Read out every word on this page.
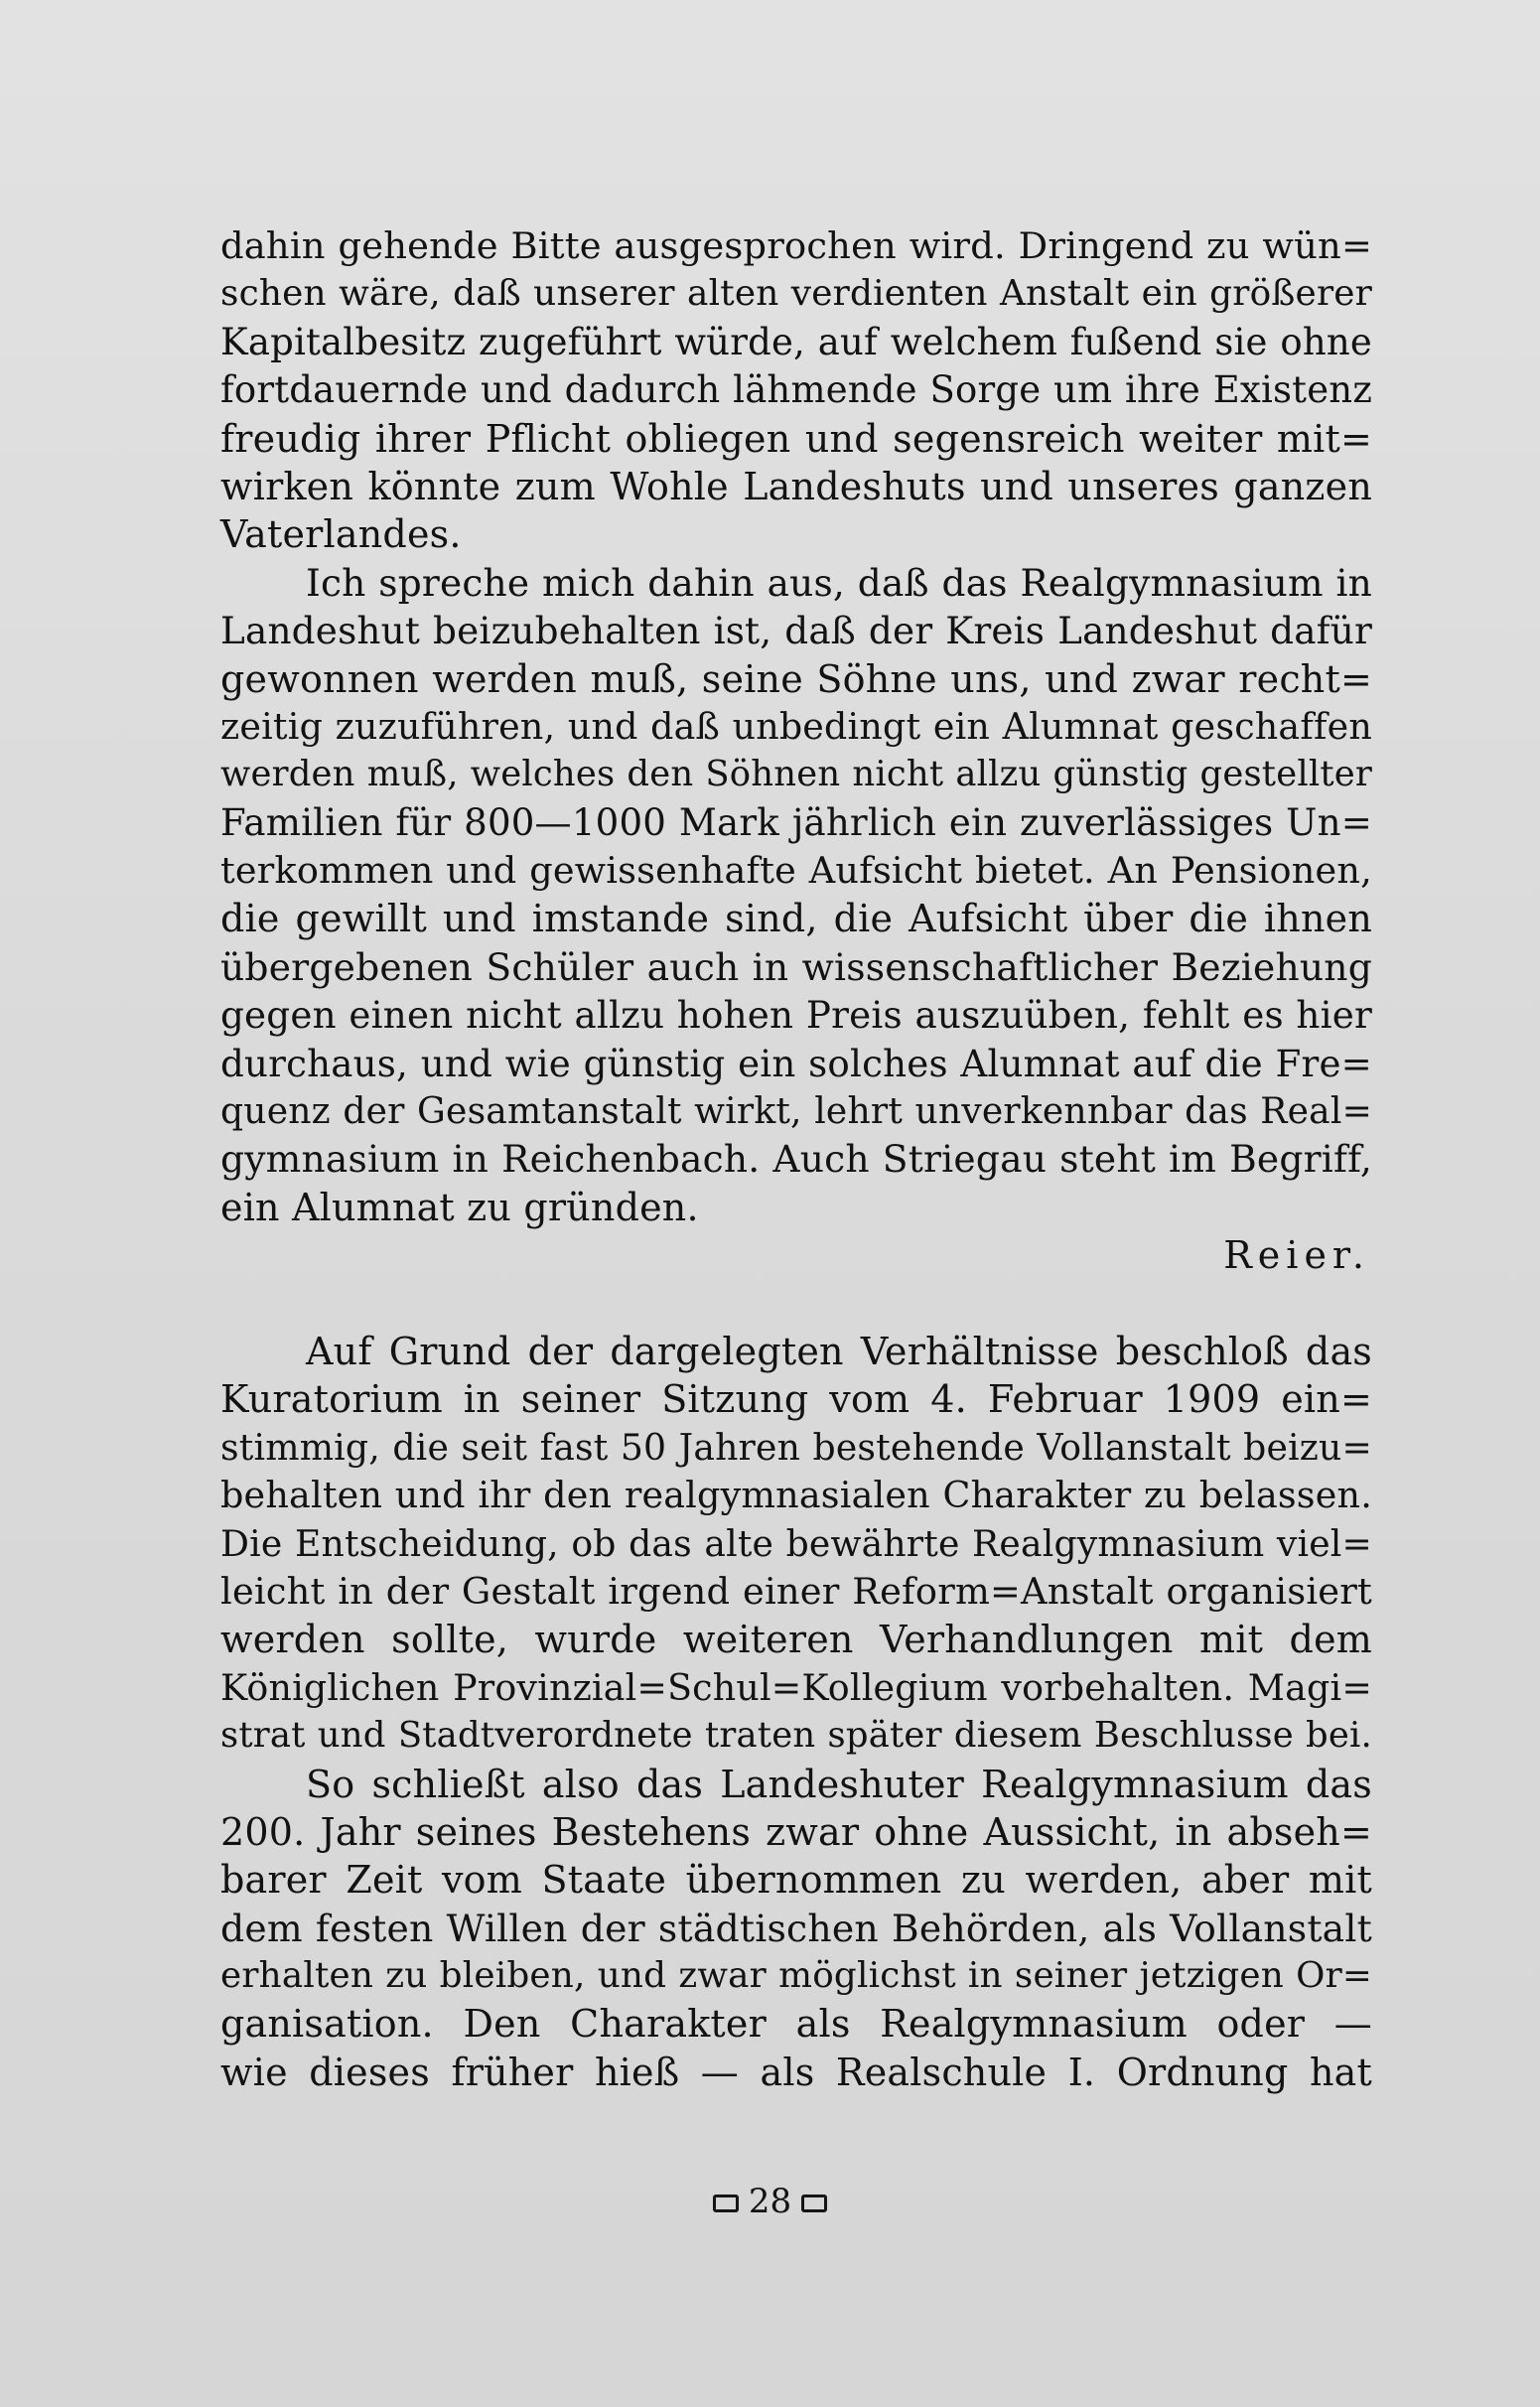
dahin gehende Bitte ausgesprochen wird. Dringend zu wün=
schen wäre, daß unserer alten verdienten Anstalt ein größerer
Kapitalbesitz zugeführt würde, auf welchem fußend sie ohne
fortdauernde und dadurch lähmende Sorge um ihre Existenz
freudig ihrer Pflicht obliegen und segensreich weiter mit=
wirken könnte zum Wohle Landeshuts und unseres ganzen
Vaterlandes.
Ich spreche mich dahin aus, daß das Realgymnasium in
Landeshut beizubehalten ist, daß der Kreis Landeshut dafür
gewonnen werden muß, seine Söhne uns, und zwar recht=
zeitig zuzuführen, und daß unbedingt ein Alumnat geschaffen
werden muß, welches den Söhnen nicht allzu günstig gestellter
Familien für 800—1000 Mark jährlich ein zuverlässiges Un=
terkommen und gewissenhafte Aufsicht bietet. An Pensionen,
die gewillt und imstande sind, die Aufsicht über die ihnen
übergebenen Schüler auch in wissenschaftlicher Beziehung
gegen einen nicht allzu hohen Preis auszuüben, fehlt es hier
durchaus, und wie günstig ein solches Alumnat auf die Fre=
quenz der Gesamtanstalt wirkt, lehrt unverkennbar das Real=
gymnasium in Reichenbach. Auch Striegau steht im Begriff,
ein Alumnat zu gründen.
Reier.
Auf Grund der dargelegten Verhältnisse beschloß das
Kuratorium in seiner Sitzung vom 4. Februar 1909 ein=
stimmig, die seit fast 50 Jahren bestehende Vollanstalt beizu=
behalten und ihr den realgymnasialen Charakter zu belassen.
Die Entscheidung, ob das alte bewährte Realgymnasium viel=
leicht in der Gestalt irgend einer Reform=Anstalt organisiert
werden sollte, wurde weiteren Verhandlungen mit dem
Königlichen Provinzial=Schul=Kollegium vorbehalten. Magi=
strat und Stadtverordnete traten später diesem Beschlusse bei.
So schließt also das Landeshuter Realgymnasium das
200. Jahr seines Bestehens zwar ohne Aussicht, in abseh=
barer Zeit vom Staate übernommen zu werden, aber mit
dem festen Willen der städtischen Behörden, als Vollanstalt
erhalten zu bleiben, und zwar möglichst in seiner jetzigen Or=
ganisation. Den Charakter als Realgymnasium oder —
wie dieses früher hieß — als Realschule I. Ordnung hat
28
